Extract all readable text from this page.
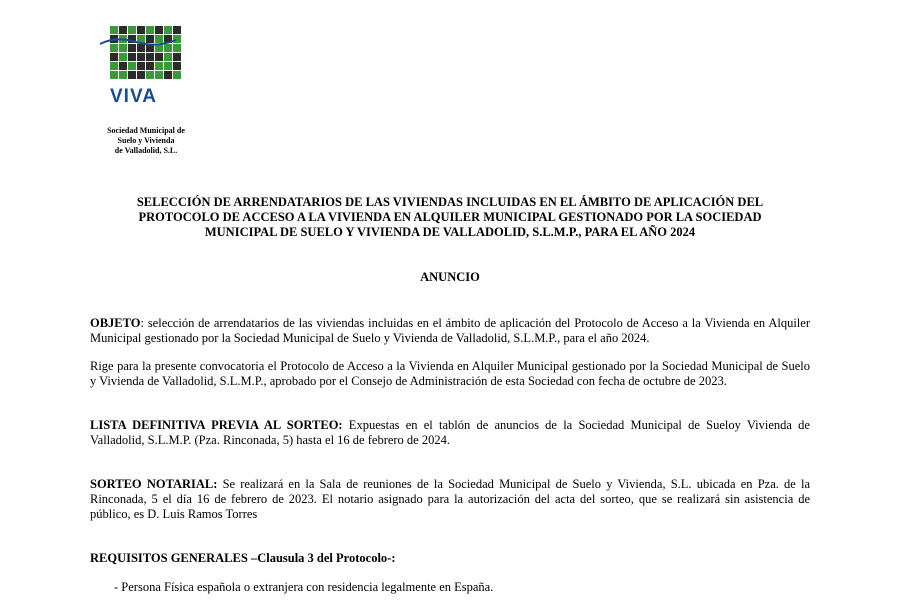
VIVA
Sociedad Municipal de
Suelo y Vivienda
de Valladolid, S.L.
SELECCIÓN DE ARRENDATARIOS DE LAS VIVIENDAS INCLUIDAS EN EL ÁMBITO DE APLICACIÓN DEL
PROTOCOLO DE ACCESO A LA VIVIENDA EN ALQUILER MUNICIPAL GESTIONADO POR LA SOCIEDAD
MUNICIPAL DE SUELO Y VIVIENDA DE VALLADOLID, S.L.M.P., PARA EL AÑO 2024
ANUNCIO
OBJETO: selección de arrendatarios de las viviendas incluidas en el ámbito de aplicación del Protocolo de Acceso a la Vivienda en Alquiler Municipal gestionado por la Sociedad Municipal de Suelo y Vivienda de Valladolid, S.L.M.P., para el año 2024.
Rige para la presente convocatoria el Protocolo de Acceso a la Vivienda en Alquiler Municipal gestionado por la Sociedad Municipal de Suelo y Vivienda de Valladolid, S.L.M.P., aprobado por el Consejo de Administración de esta Sociedad con fecha de octubre de 2023.
LISTA DEFINITIVA PREVIA AL SORTEO: Expuestas en el tablón de anuncios de la Sociedad Municipal de Sueloy Vivienda de Valladolid, S.L.M.P. (Pza. Rinconada, 5) hasta el 16 de febrero de 2024.
SORTEO NOTARIAL: Se realizará en la Sala de reuniones de la Sociedad Municipal de Suelo y Vivienda, S.L. ubicada en Pza. de la Rinconada, 5 el día 16 de febrero de 2023. El notario asignado para la autorización del acta del sorteo, que se realizará sin asistencia de público, es D. Luis Ramos Torres
REQUISITOS GENERALES –Clausula 3 del Protocolo-:
- Persona Física española o extranjera con residencia legalmente en España.
